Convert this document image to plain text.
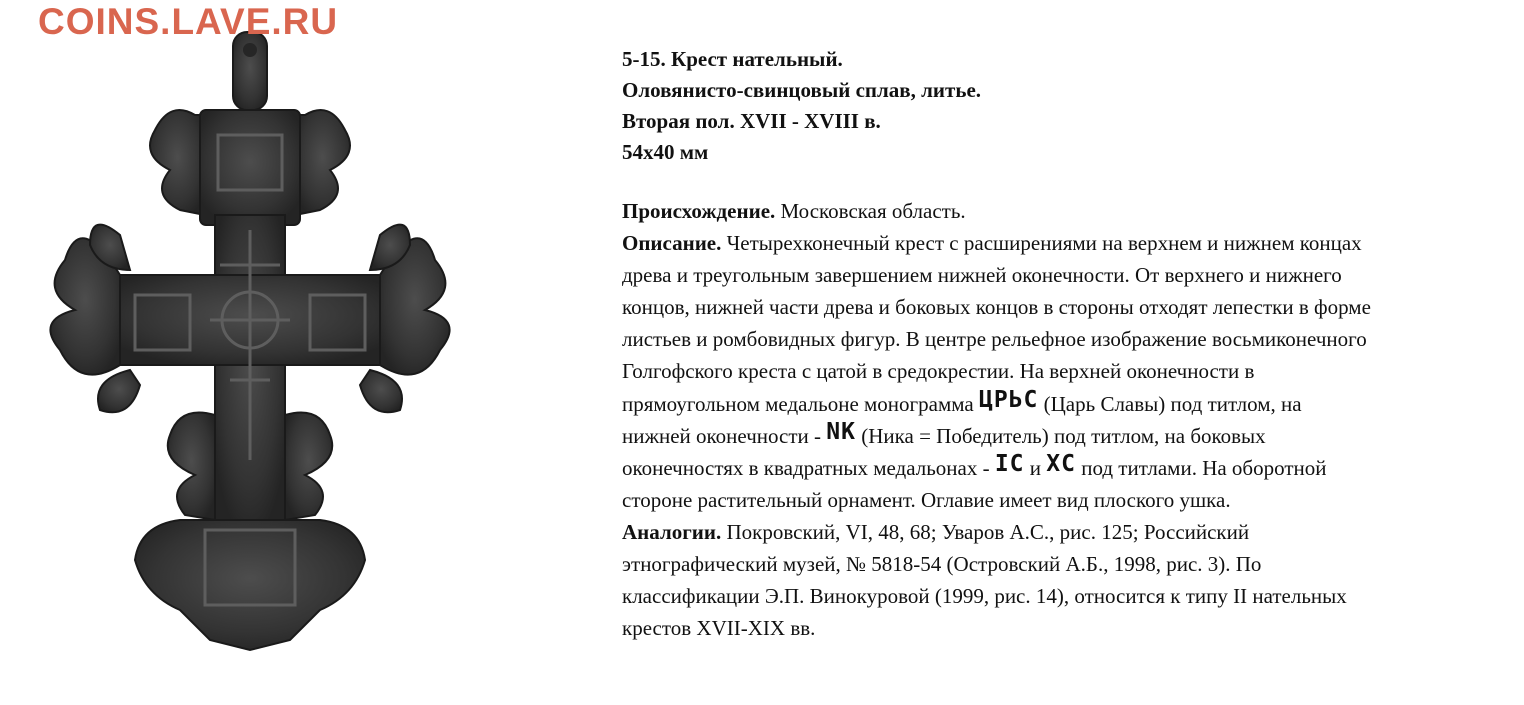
COINS.LAVE.RU

5-15. Крест нательный.

Оловянисто-свинцовый сплав, литье.

Вторая пол. XVII - XVIII в.

54х40 мм

Происхождение. Московская область.

Описание. Четырехконечный крест с расширениями на верхнем и нижнем концах

древа и треугольным завершением нижней оконечности. От верхнего и нижнего

концов, нижней части древа и боковых концов в стороны отходят лепестки в форме

листьев и ромбовидных фигур. В центре рельефное изображение восьмиконечного

Голгофского креста с цатой в средокрестии. На верхней оконечности в

прямоугольном медальоне монограмма ЦРЬС (Царь Славы) под титлом, на

нижней оконечности - NK (Ника = Победитель) под титлом, на боковых

оконечностях в квадратных медальонах - IC и XC под титлами. На оборотной

стороне растительный орнамент. Оглавие имеет вид плоского ушка.

Аналогии. Покровский, VI, 48, 68; Уваров А.С., рис. 125; Российский

этнографический музей, № 5818-54 (Островский А.Б., 1998, рис. 3). По

классификации Э.П. Винокуровой (1999, рис. 14), относится к типу II нательных

крестов XVII-XIX вв.
